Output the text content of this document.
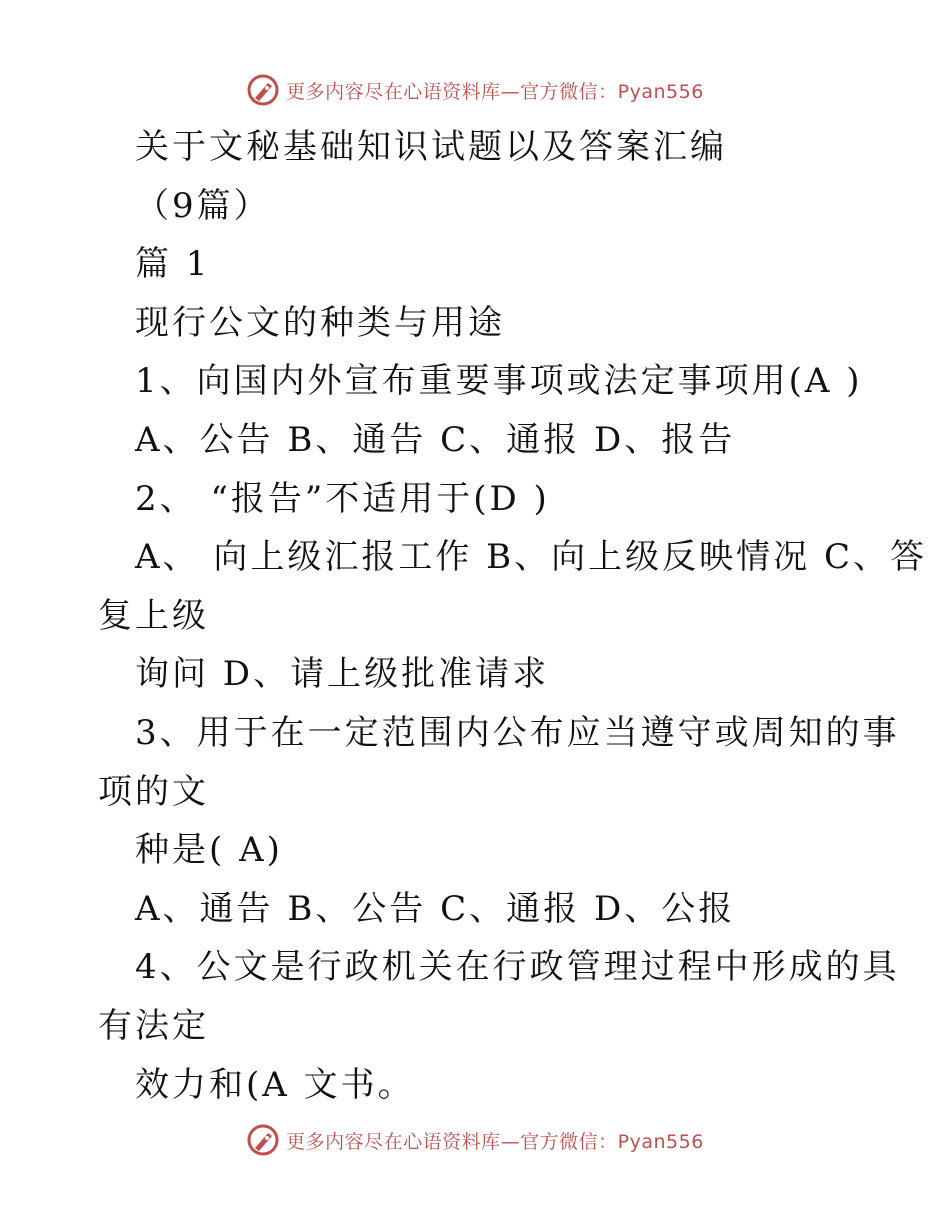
更多内容尽在心语资料库—官方微信：Pyan556
关于文秘基础知识试题以及答案汇编
（9篇）
篇 1
现行公文的种类与用途
1、向国内外宣布重要事项或法定事项用(A )
A、公告 B、通告 C、通报 D、报告
2、 “报告”不适用于(D )
A、 向上级汇报工作 B、向上级反映情况 C、答
复上级
询问 D、请上级批准请求
3、用于在一定范围内公布应当遵守或周知的事
项的文
种是( A)
A、通告 B、公告 C、通报 D、公报
4、公文是行政机关在行政管理过程中形成的具
有法定
效力和(A 文书。
更多内容尽在心语资料库—官方微信：Pyan556
